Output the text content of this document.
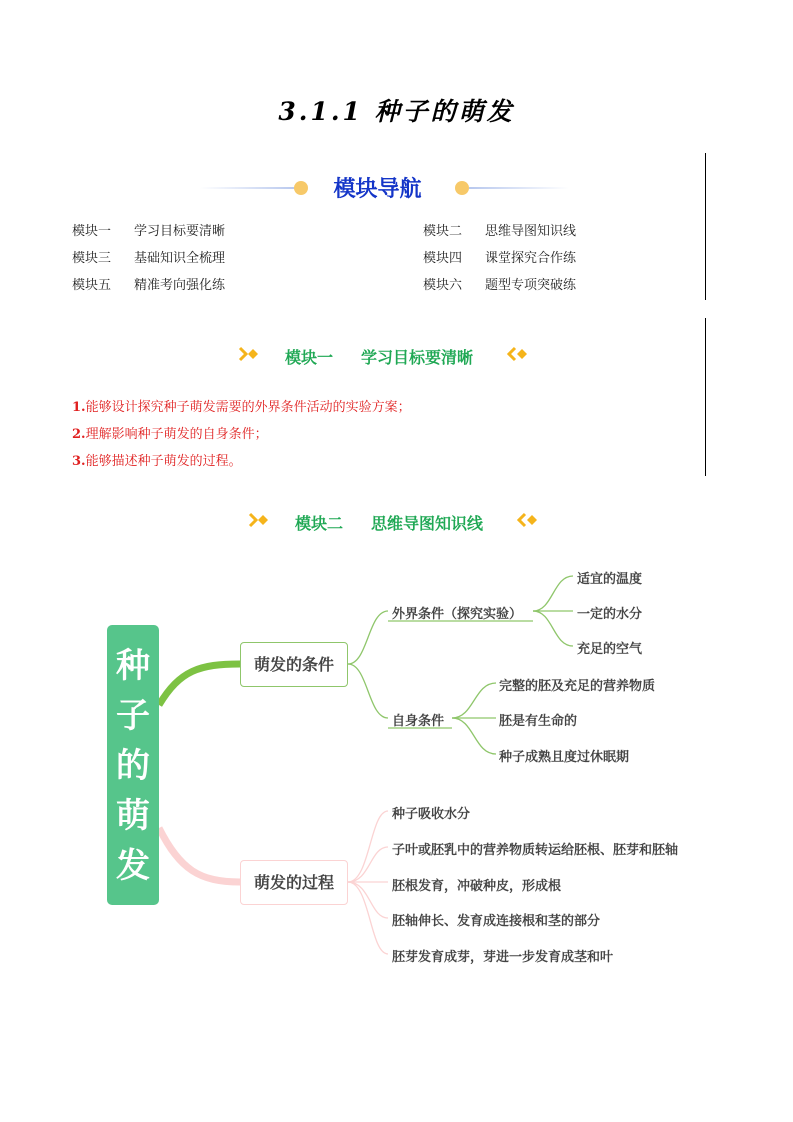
3.1.1 种子的萌发
模块导航
模块一 学习目标要清晰	模块二 思维导图知识线
模块三 基础知识全梳理	模块四 课堂探究合作练
模块五 精准考向强化练	模块六 题型专项突破练
模块一 学习目标要清晰
1.能够设计探究种子萌发需要的外界条件活动的实验方案；
2.理解影响种子萌发的自身条件；
3.能够描述种子萌发的过程。
模块二 思维导图知识线
种
子
的
萌
发
萌发的条件
萌发的过程
外界条件（探究实验）
适宜的温度
一定的水分
充足的空气
自身条件
完整的胚及充足的营养物质
胚是有生命的
种子成熟且度过休眠期
种子吸收水分
子叶或胚乳中的营养物质转运给胚根、胚芽和胚轴
胚根发育，冲破种皮，形成根
胚轴伸长、发育成连接根和茎的部分
胚芽发育成芽，芽进一步发育成茎和叶
